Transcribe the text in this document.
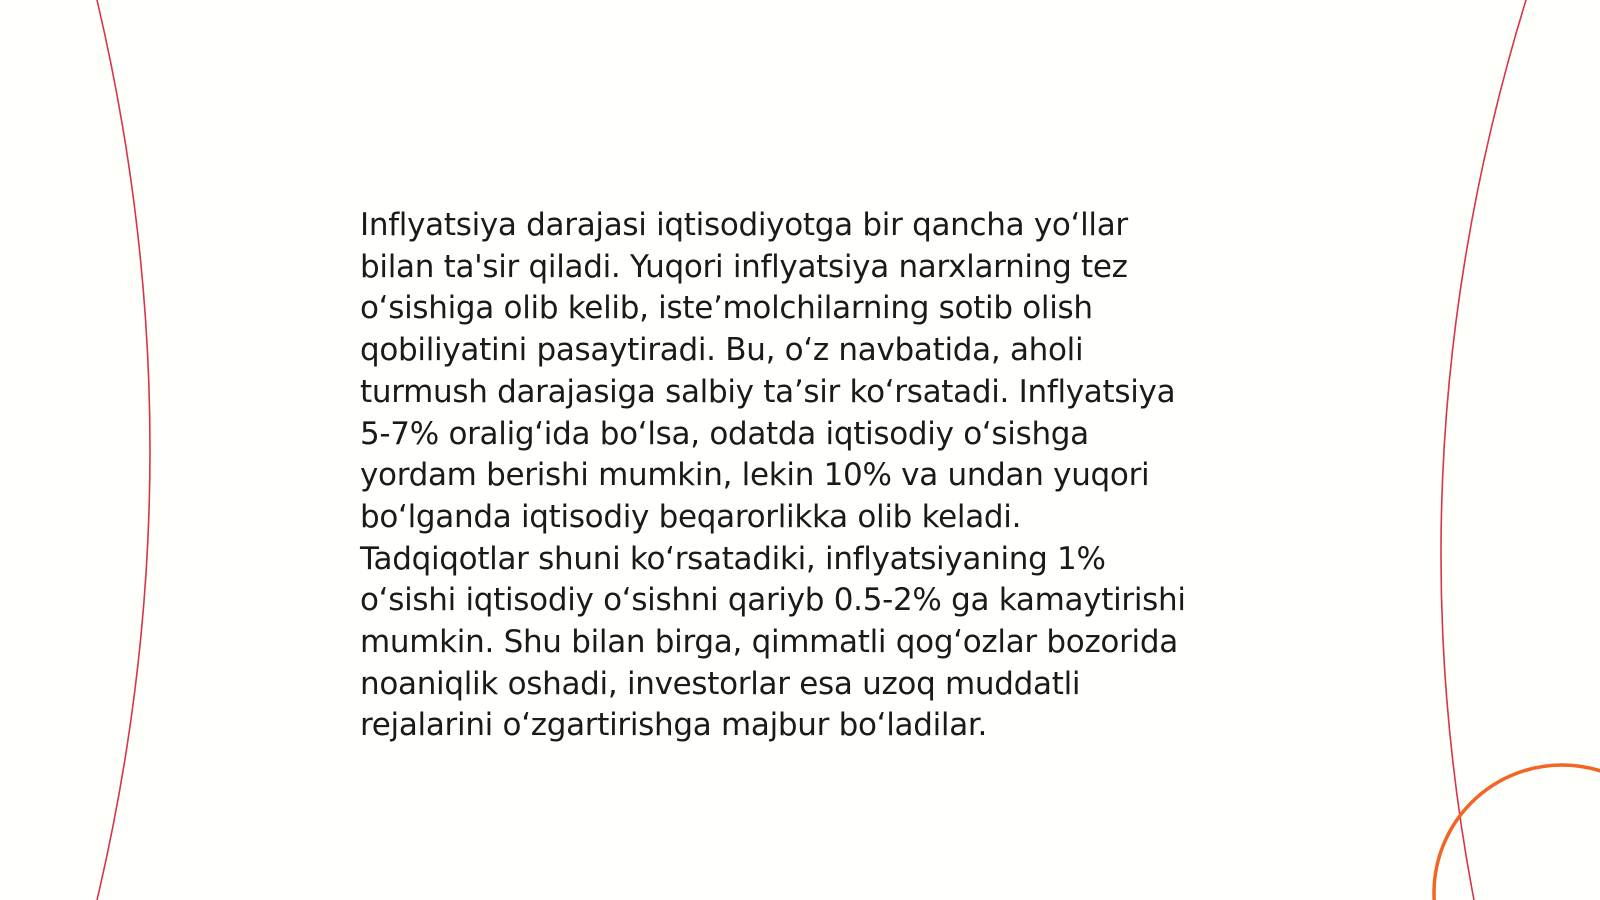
Inflyatsiya darajasi iqtisodiyotga bir qancha yo‘llar
bilan ta'sir qiladi. Yuqori inflyatsiya narxlarning tez
o‘sishiga olib kelib, iste’molchilarning sotib olish
qobiliyatini pasaytiradi. Bu, o‘z navbatida, aholi
turmush darajasiga salbiy ta’sir ko‘rsatadi. Inflyatsiya
5-7% oralig‘ida bo‘lsa, odatda iqtisodiy o‘sishga
yordam berishi mumkin, lekin 10% va undan yuqori
bo‘lganda iqtisodiy beqarorlikka olib keladi.
Tadqiqotlar shuni ko‘rsatadiki, inflyatsiyaning 1%
o‘sishi iqtisodiy o‘sishni qariyb 0.5-2% ga kamaytirishi
mumkin. Shu bilan birga, qimmatli qog‘ozlar bozorida
noaniqlik oshadi, investorlar esa uzoq muddatli
rejalarini o‘zgartirishga majbur bo‘ladilar.
